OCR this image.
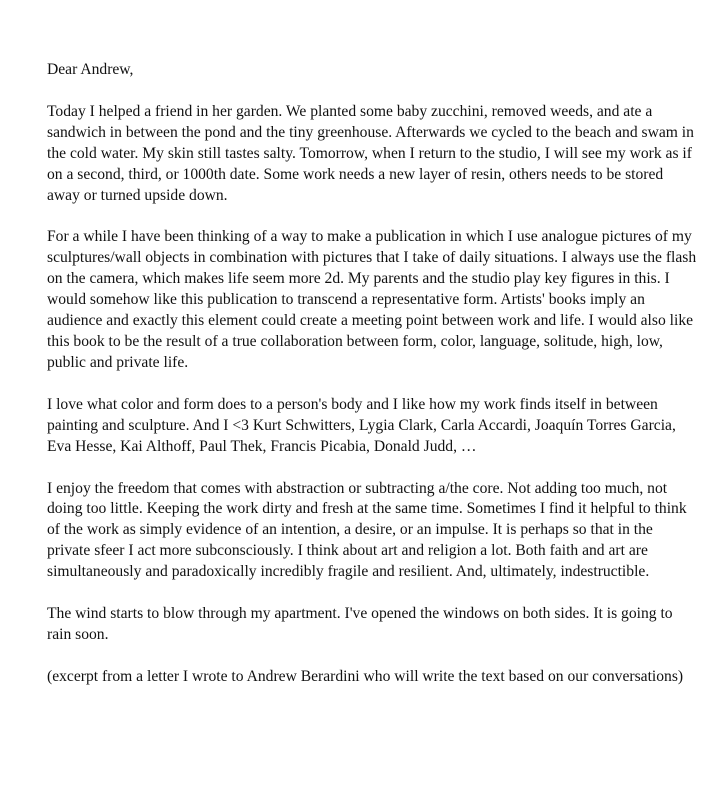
Dear Andrew,

Today I helped a friend in her garden. We planted some baby zucchini, removed weeds, and ate a sandwich in between the pond and the tiny greenhouse. Afterwards we cycled to the beach and swam in the cold water. My skin still tastes salty. Tomorrow, when I return to the studio, I will see my work as if on a second, third, or 1000th date. Some work needs a new layer of resin, others needs to be stored away or turned upside down.

For a while I have been thinking of a way to make a publication in which I use analogue pictures of my sculptures/wall objects in combination with pictures that I take of daily situations. I always use the flash on the camera, which makes life seem more 2d. My parents and the studio play key figures in this. I would somehow like this publication to transcend a representative form. Artists' books imply an audience and exactly this element could create a meeting point between work and life. I would also like this book to be the result of a true collaboration between form, color, language, solitude, high, low, public and private life.

I love what color and form does to a person's body and I like how my work finds itself in between painting and sculpture. And I <3 Kurt Schwitters, Lygia Clark, Carla Accardi, Joaquín Torres Garcia, Eva Hesse, Kai Althoff, Paul Thek, Francis Picabia, Donald Judd, …

I enjoy the freedom that comes with abstraction or subtracting a/the core. Not adding too much, not doing too little. Keeping the work dirty and fresh at the same time. Sometimes I find it helpful to think of the work as simply evidence of an intention, a desire, or an impulse. It is perhaps so that in the private sfeer I act more subconsciously. I think about art and religion a lot. Both faith and art are simultaneously and paradoxically incredibly fragile and resilient. And, ultimately, indestructible.

The wind starts to blow through my apartment. I've opened the windows on both sides. It is going to rain soon.

(excerpt from a letter I wrote to Andrew Berardini who will write the text based on our conversations)
